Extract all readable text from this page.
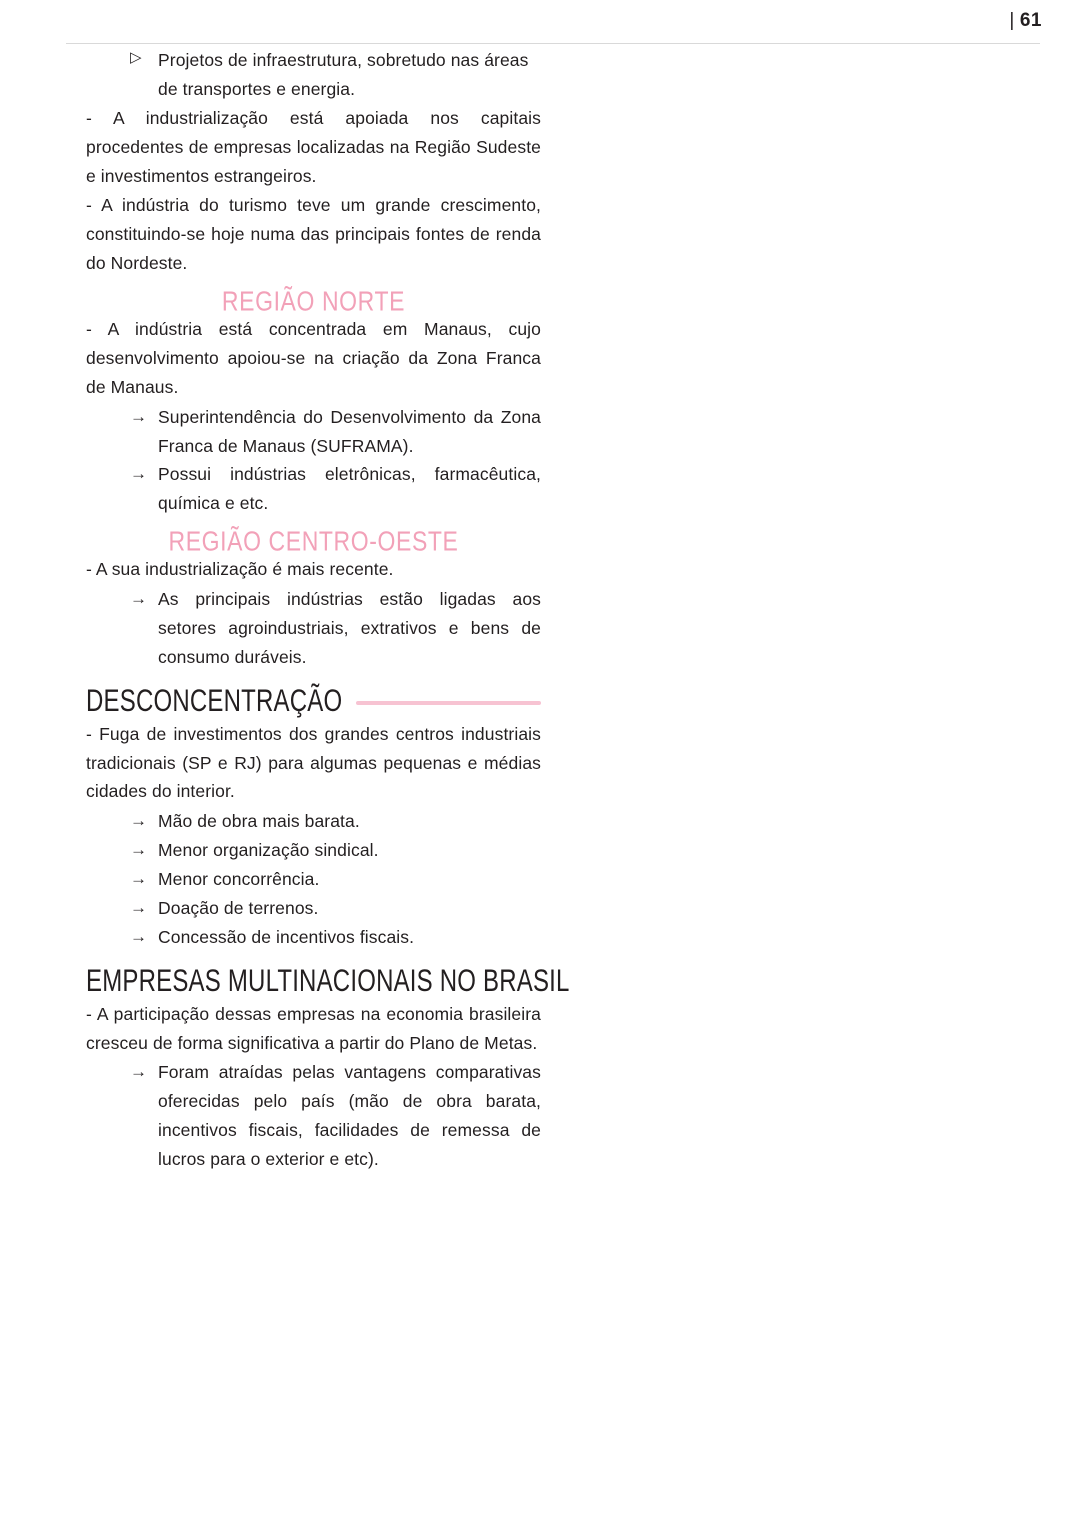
| 61
▷ Projetos de infraestrutura, sobretudo nas áreas de transportes e energia.

- A industrialização está apoiada nos capitais procedentes de empresas localizadas na Região Sudeste e investimentos estrangeiros.

- A indústria do turismo teve um grande crescimento, constituindo-se hoje numa das principais fontes de renda do Nordeste.

REGIÃO NORTE

- A indústria está concentrada em Manaus, cujo desenvolvimento apoiou-se na criação da Zona Franca de Manaus.

→ Superintendência do Desenvolvimento da Zona Franca de Manaus (SUFRAMA).
→ Possui indústrias eletrônicas, farmacêutica, química e etc.
REGIÃO CENTRO-OESTE

- A sua industrialização é mais recente.

→ As principais indústrias estão ligadas aos setores agroindustriais, extrativos e bens de consumo duráveis.
DESCONCENTRAÇÃO

- Fuga de investimentos dos grandes centros industriais tradicionais (SP e RJ) para algumas pequenas e médias cidades do interior.

→ Mão de obra mais barata.
→ Menor organização sindical.
→ Menor concorrência.
→ Doação de terrenos.
→ Concessão de incentivos fiscais.
EMPRESAS MULTINACIONAIS NO BRASIL

- A participação dessas empresas na economia brasileira cresceu de forma significativa a partir do Plano de Metas.

→ Foram atraídas pelas vantagens comparativas oferecidas pelo país (mão de obra barata, incentivos fiscais, facilidades de remessa de lucros para o exterior e etc).
